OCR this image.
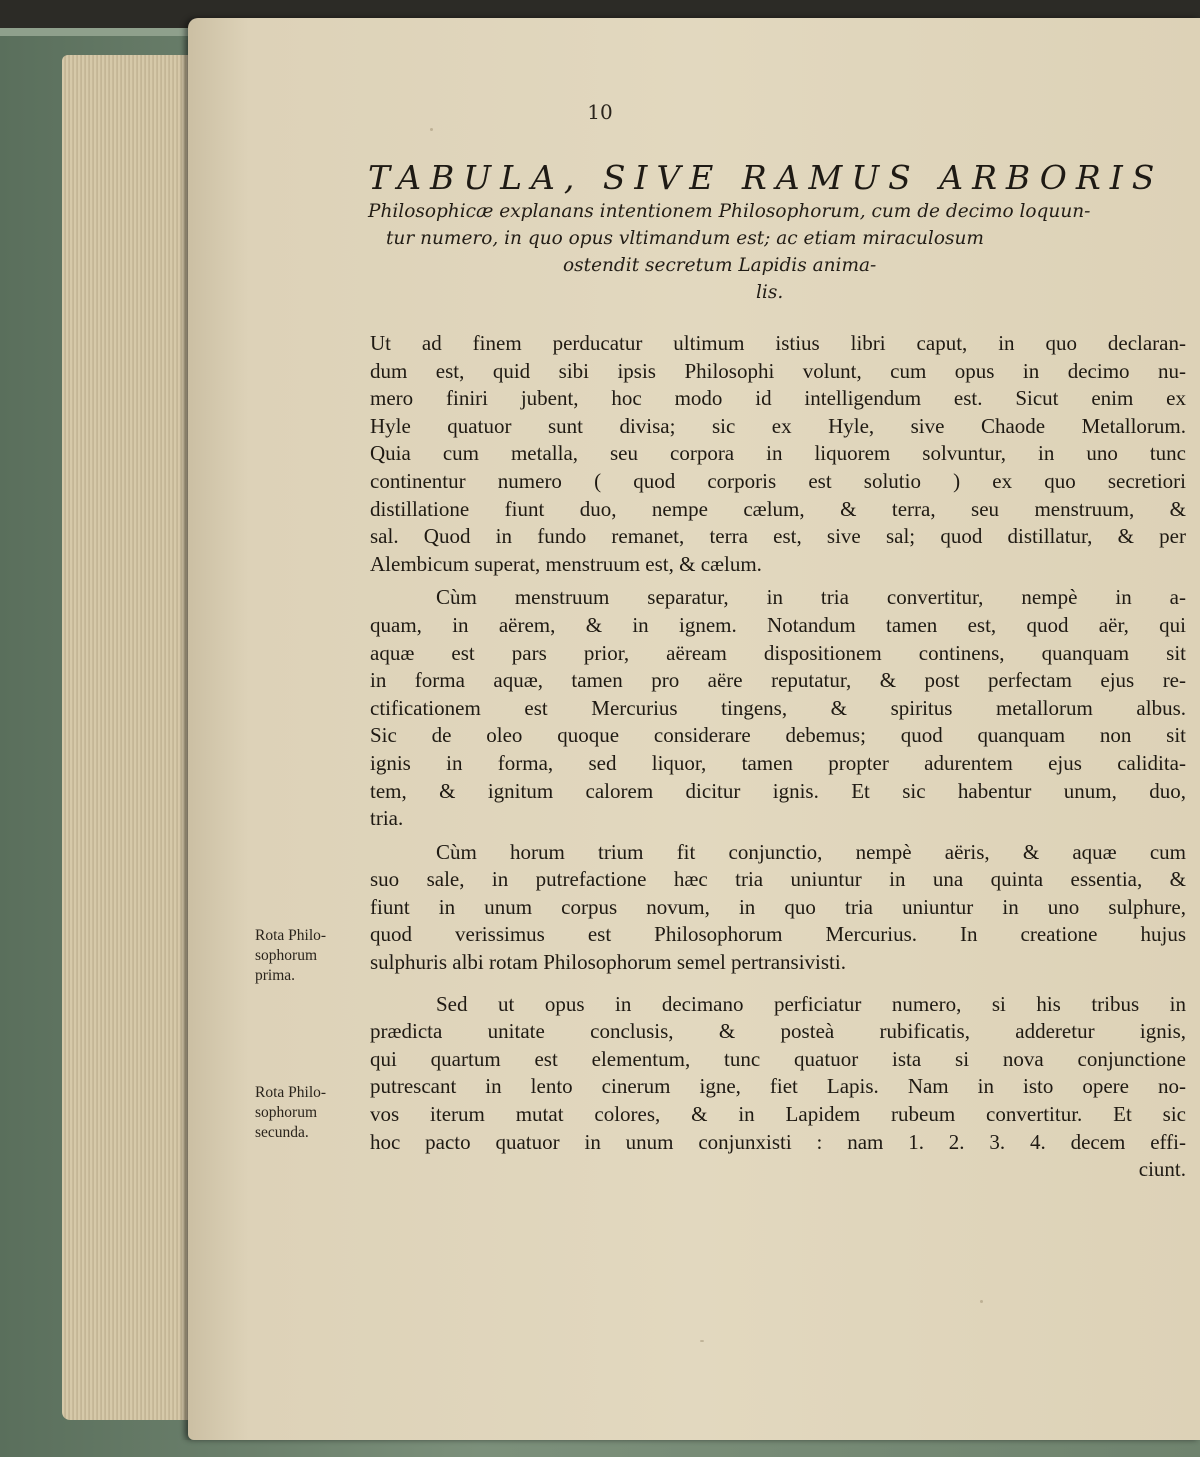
10
TABULA, SIVE RAMUS ARBORIS
Philosophicæ explanans intentionem Philosophorum, cum de decimo loquun-
tur numero, in quo opus vltimandum est; ac etiam miraculosum
ostendit secretum Lapidis anima-
lis.
Ut ad finem perducatur ultimum istius libri caput, in quo declaran-
dum est, quid sibi ipsis Philosophi volunt, cum opus in decimo nu-
mero finiri jubent, hoc modo id intelligendum est. Sicut enim ex
Hyle quatuor sunt divisa; sic ex Hyle, sive Chaode Metallorum.
Quia cum metalla, seu corpora in liquorem solvuntur, in uno tunc
continentur numero ( quod corporis est solutio ) ex quo secretiori
distillatione fiunt duo, nempe cælum, & terra, seu menstruum, &
sal. Quod in fundo remanet, terra est, sive sal; quod distillatur, & per
Alembicum superat, menstruum est, & cælum.
Cùm menstruum separatur, in tria convertitur, nempè in a-
quam, in aërem, & in ignem. Notandum tamen est, quod aër, qui
aquæ est pars prior, aëream dispositionem continens, quanquam sit
in forma aquæ, tamen pro aëre reputatur, & post perfectam ejus re-
ctificationem est Mercurius tingens, & spiritus metallorum albus.
Sic de oleo quoque considerare debemus; quod quanquam non sit
ignis in forma, sed liquor, tamen propter adurentem ejus calidita-
tem, & ignitum calorem dicitur ignis. Et sic habentur unum, duo,
tria.
Cùm horum trium fit conjunctio, nempè aëris, & aquæ cum
suo sale, in putrefactione hæc tria uniuntur in una quinta essentia, &
fiunt in unum corpus novum, in quo tria uniuntur in uno sulphure,
quod verissimus est Philosophorum Mercurius. In creatione hujus
sulphuris albi rotam Philosophorum semel pertransivisti.
Sed ut opus in decimano perficiatur numero, si his tribus in
prædicta unitate conclusis, & posteà rubificatis, adderetur ignis,
qui quartum est elementum, tunc quatuor ista si nova conjunctione
putrescant in lento cinerum igne, fiet Lapis. Nam in isto opere no-
vos iterum mutat colores, & in Lapidem rubeum convertitur. Et sic
hoc pacto quatuor in unum conjunxisti : nam 1. 2. 3. 4. decem effi-
ciunt.
Rota Philo-
sophorum
prima.
Rota Philo-
sophorum
secunda.
